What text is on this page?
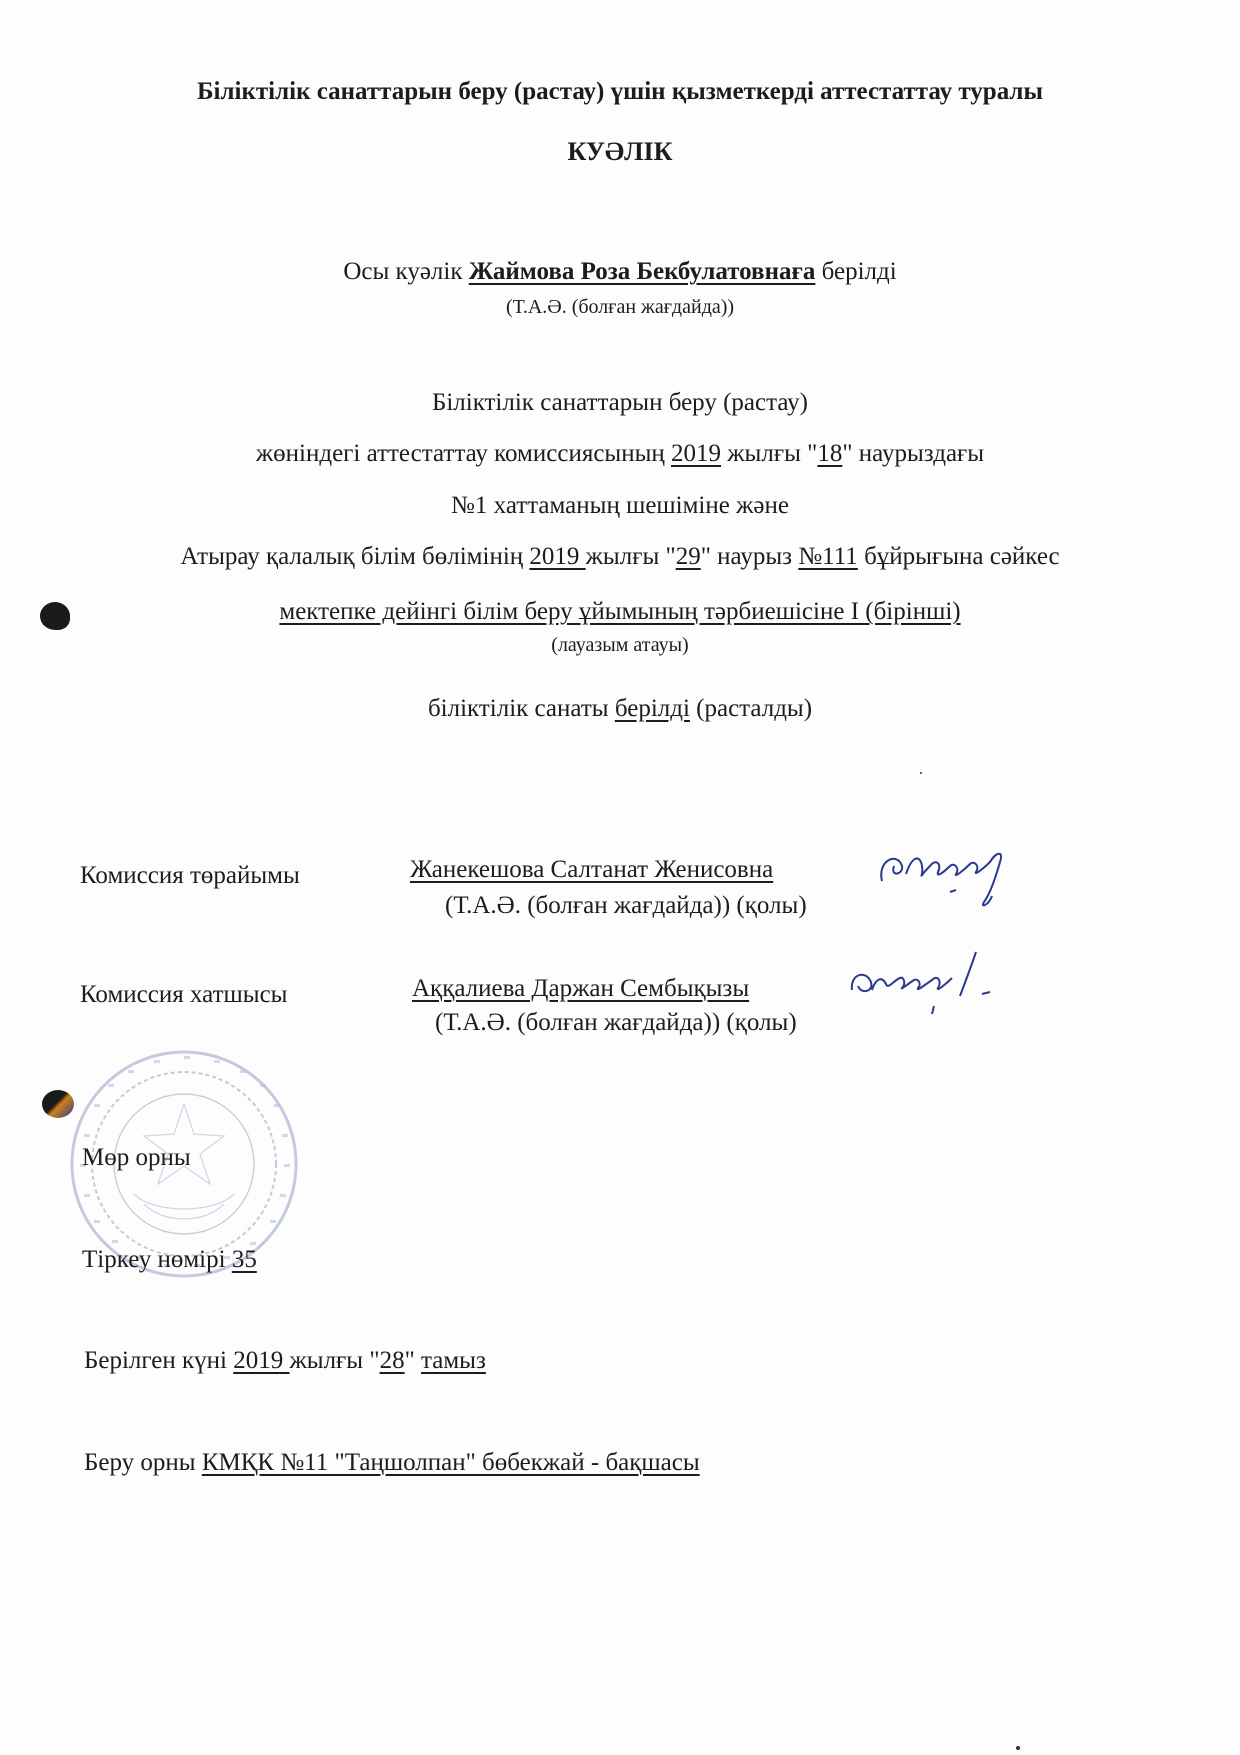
Біліктілік санаттарын беру (растау) үшін қызметкерді аттестаттау туралы
КУӘЛІК
Осы куәлік Жаймова Роза Бекбулатовнаға берілді
(Т.А.Ә. (болған жағдайда))
Біліктілік санаттарын беру (растау)
жөніндегі аттестаттау комиссиясының 2019 жылғы "18" наурыздағы
№1 хаттаманың шешіміне және
Атырау қалалық білім бөлімінің 2019 жылғы "29" наурыз №111 бұйрығына сәйкес
мектепке дейінгі білім беру ұйымының тәрбиешісіне I (бірінші)
(лауазым атауы)
біліктілік санаты берілді (расталды)
Комиссия төрайымы	Жанекешова Салтанат Женисовна
(Т.А.Ә. (болған жағдайда)) (қолы)
Комиссия хатшысы	Аққалиева Даржан Сембықызы
(Т.А.Ә. (болған жағдайда)) (қолы)
Мөр орны
Тіркеу нөмірі 35
Берілген күні 2019 жылғы "28" тамыз
Беру орны КМҚК №11 "Таңшолпан" бөбекжай - бақшасы
